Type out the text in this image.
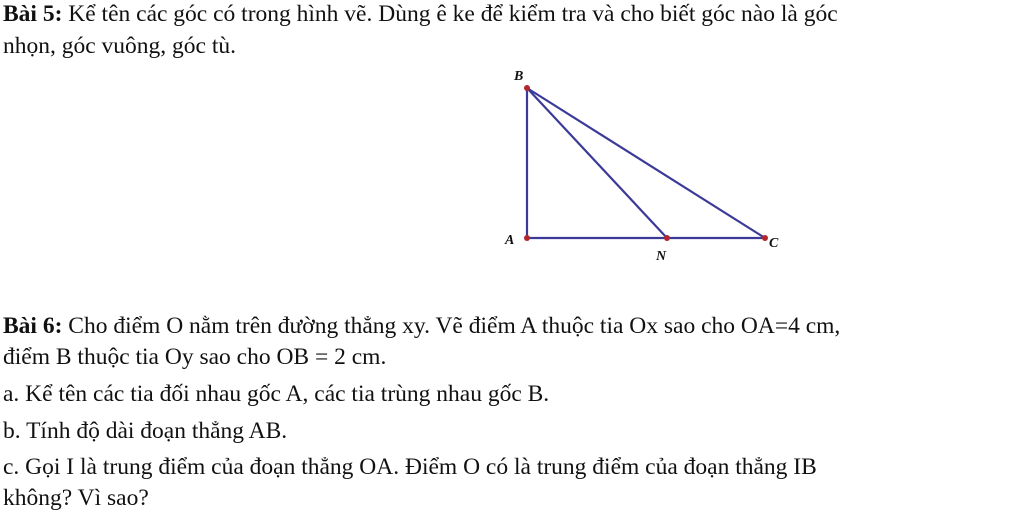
Bài 5: Kể tên các góc có trong hình vẽ. Dùng ê ke để kiểm tra và cho biết góc nào là góc
nhọn, góc vuông, góc tù.
B
A
N
C
Bài 6: Cho điểm O nằm trên đường thẳng xy. Vẽ điểm A thuộc tia Ox sao cho OA=4 cm,
điểm B thuộc tia Oy sao cho OB = 2 cm.
a. Kể tên các tia đối nhau gốc A, các tia trùng nhau gốc B.
b. Tính độ dài đoạn thẳng AB.
c. Gọi I là trung điểm của đoạn thẳng OA. Điểm O có là trung điểm của đoạn thẳng IB
không? Vì sao?
